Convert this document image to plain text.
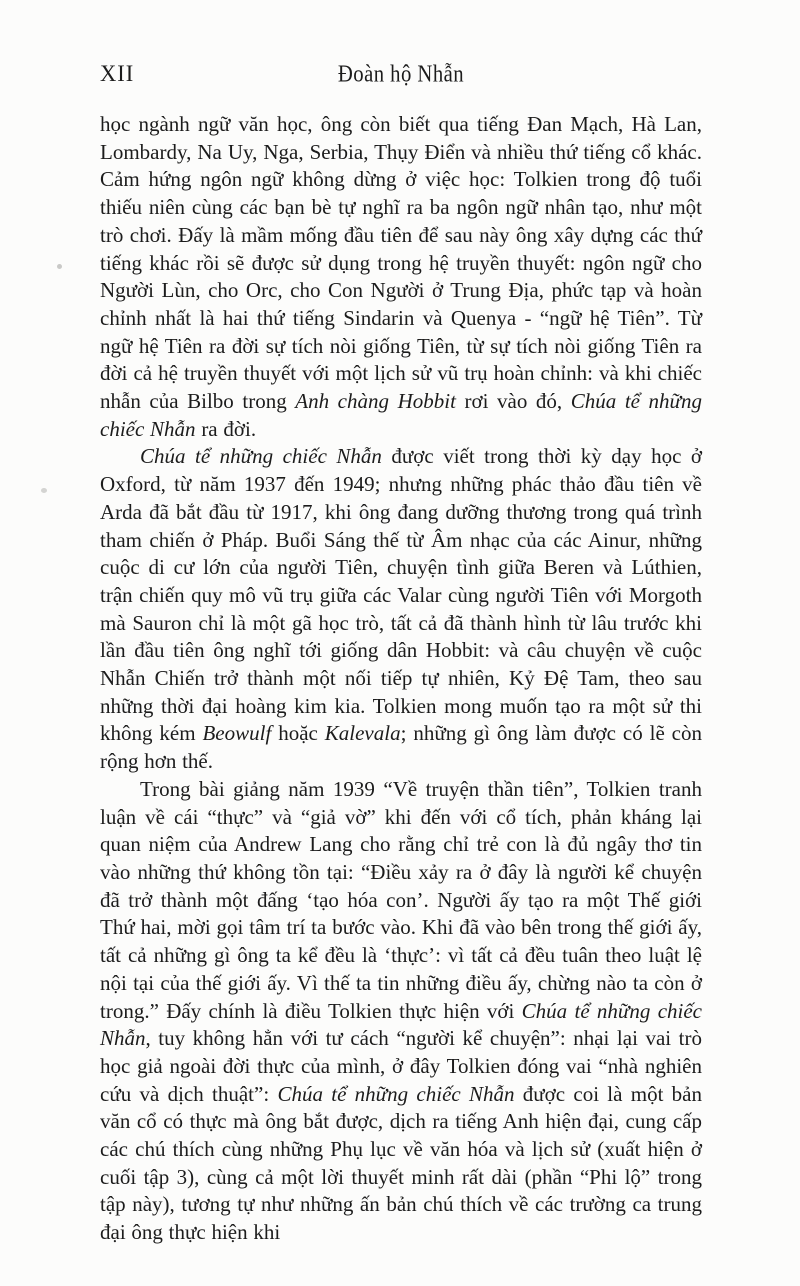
XII	Đoàn hộ Nhẫn

học ngành ngữ văn học, ông còn biết qua tiếng Đan Mạch, Hà Lan, Lombardy, Na Uy, Nga, Serbia, Thụy Điển và nhiều thứ tiếng cổ khác. Cảm hứng ngôn ngữ không dừng ở việc học: Tolkien trong độ tuổi thiếu niên cùng các bạn bè tự nghĩ ra ba ngôn ngữ nhân tạo, như một trò chơi. Đấy là mầm mống đầu tiên để sau này ông xây dựng các thứ tiếng khác rồi sẽ được sử dụng trong hệ truyền thuyết: ngôn ngữ cho Người Lùn, cho Orc, cho Con Người ở Trung Địa, phức tạp và hoàn chỉnh nhất là hai thứ tiếng Sindarin và Quenya - “ngữ hệ Tiên”. Từ ngữ hệ Tiên ra đời sự tích nòi giống Tiên, từ sự tích nòi giống Tiên ra đời cả hệ truyền thuyết với một lịch sử vũ trụ hoàn chỉnh: và khi chiếc nhẫn của Bilbo trong Anh chàng Hobbit rơi vào đó, Chúa tể những chiếc Nhẫn ra đời.

Chúa tể những chiếc Nhẫn được viết trong thời kỳ dạy học ở Oxford, từ năm 1937 đến 1949; nhưng những phác thảo đầu tiên về Arda đã bắt đầu từ 1917, khi ông đang dưỡng thương trong quá trình tham chiến ở Pháp. Buổi Sáng thế từ Âm nhạc của các Ainur, những cuộc di cư lớn của người Tiên, chuyện tình giữa Beren và Lúthien, trận chiến quy mô vũ trụ giữa các Valar cùng người Tiên với Morgoth mà Sauron chỉ là một gã học trò, tất cả đã thành hình từ lâu trước khi lần đầu tiên ông nghĩ tới giống dân Hobbit: và câu chuyện về cuộc Nhẫn Chiến trở thành một nối tiếp tự nhiên, Kỷ Đệ Tam, theo sau những thời đại hoàng kim kia. Tolkien mong muốn tạo ra một sử thi không kém Beowulf hoặc Kalevala; những gì ông làm được có lẽ còn rộng hơn thế.

Trong bài giảng năm 1939 “Về truyện thần tiên”, Tolkien tranh luận về cái “thực” và “giả vờ” khi đến với cổ tích, phản kháng lại quan niệm của Andrew Lang cho rằng chỉ trẻ con là đủ ngây thơ tin vào những thứ không tồn tại: “Điều xảy ra ở đây là người kể chuyện đã trở thành một đấng ‘tạo hóa con’. Người ấy tạo ra một Thế giới Thứ hai, mời gọi tâm trí ta bước vào. Khi đã vào bên trong thế giới ấy, tất cả những gì ông ta kể đều là ‘thực’: vì tất cả đều tuân theo luật lệ nội tại của thế giới ấy. Vì thế ta tin những điều ấy, chừng nào ta còn ở trong.” Đấy chính là điều Tolkien thực hiện với Chúa tể những chiếc Nhẫn, tuy không hẳn với tư cách “người kể chuyện”: nhại lại vai trò học giả ngoài đời thực của mình, ở đây Tolkien đóng vai “nhà nghiên cứu và dịch thuật”: Chúa tể những chiếc Nhẫn được coi là một bản văn cổ có thực mà ông bắt được, dịch ra tiếng Anh hiện đại, cung cấp các chú thích cùng những Phụ lục về văn hóa và lịch sử (xuất hiện ở cuối tập 3), cùng cả một lời thuyết minh rất dài (phần “Phi lộ” trong tập này), tương tự như những ấn bản chú thích về các trường ca trung đại ông thực hiện khi
